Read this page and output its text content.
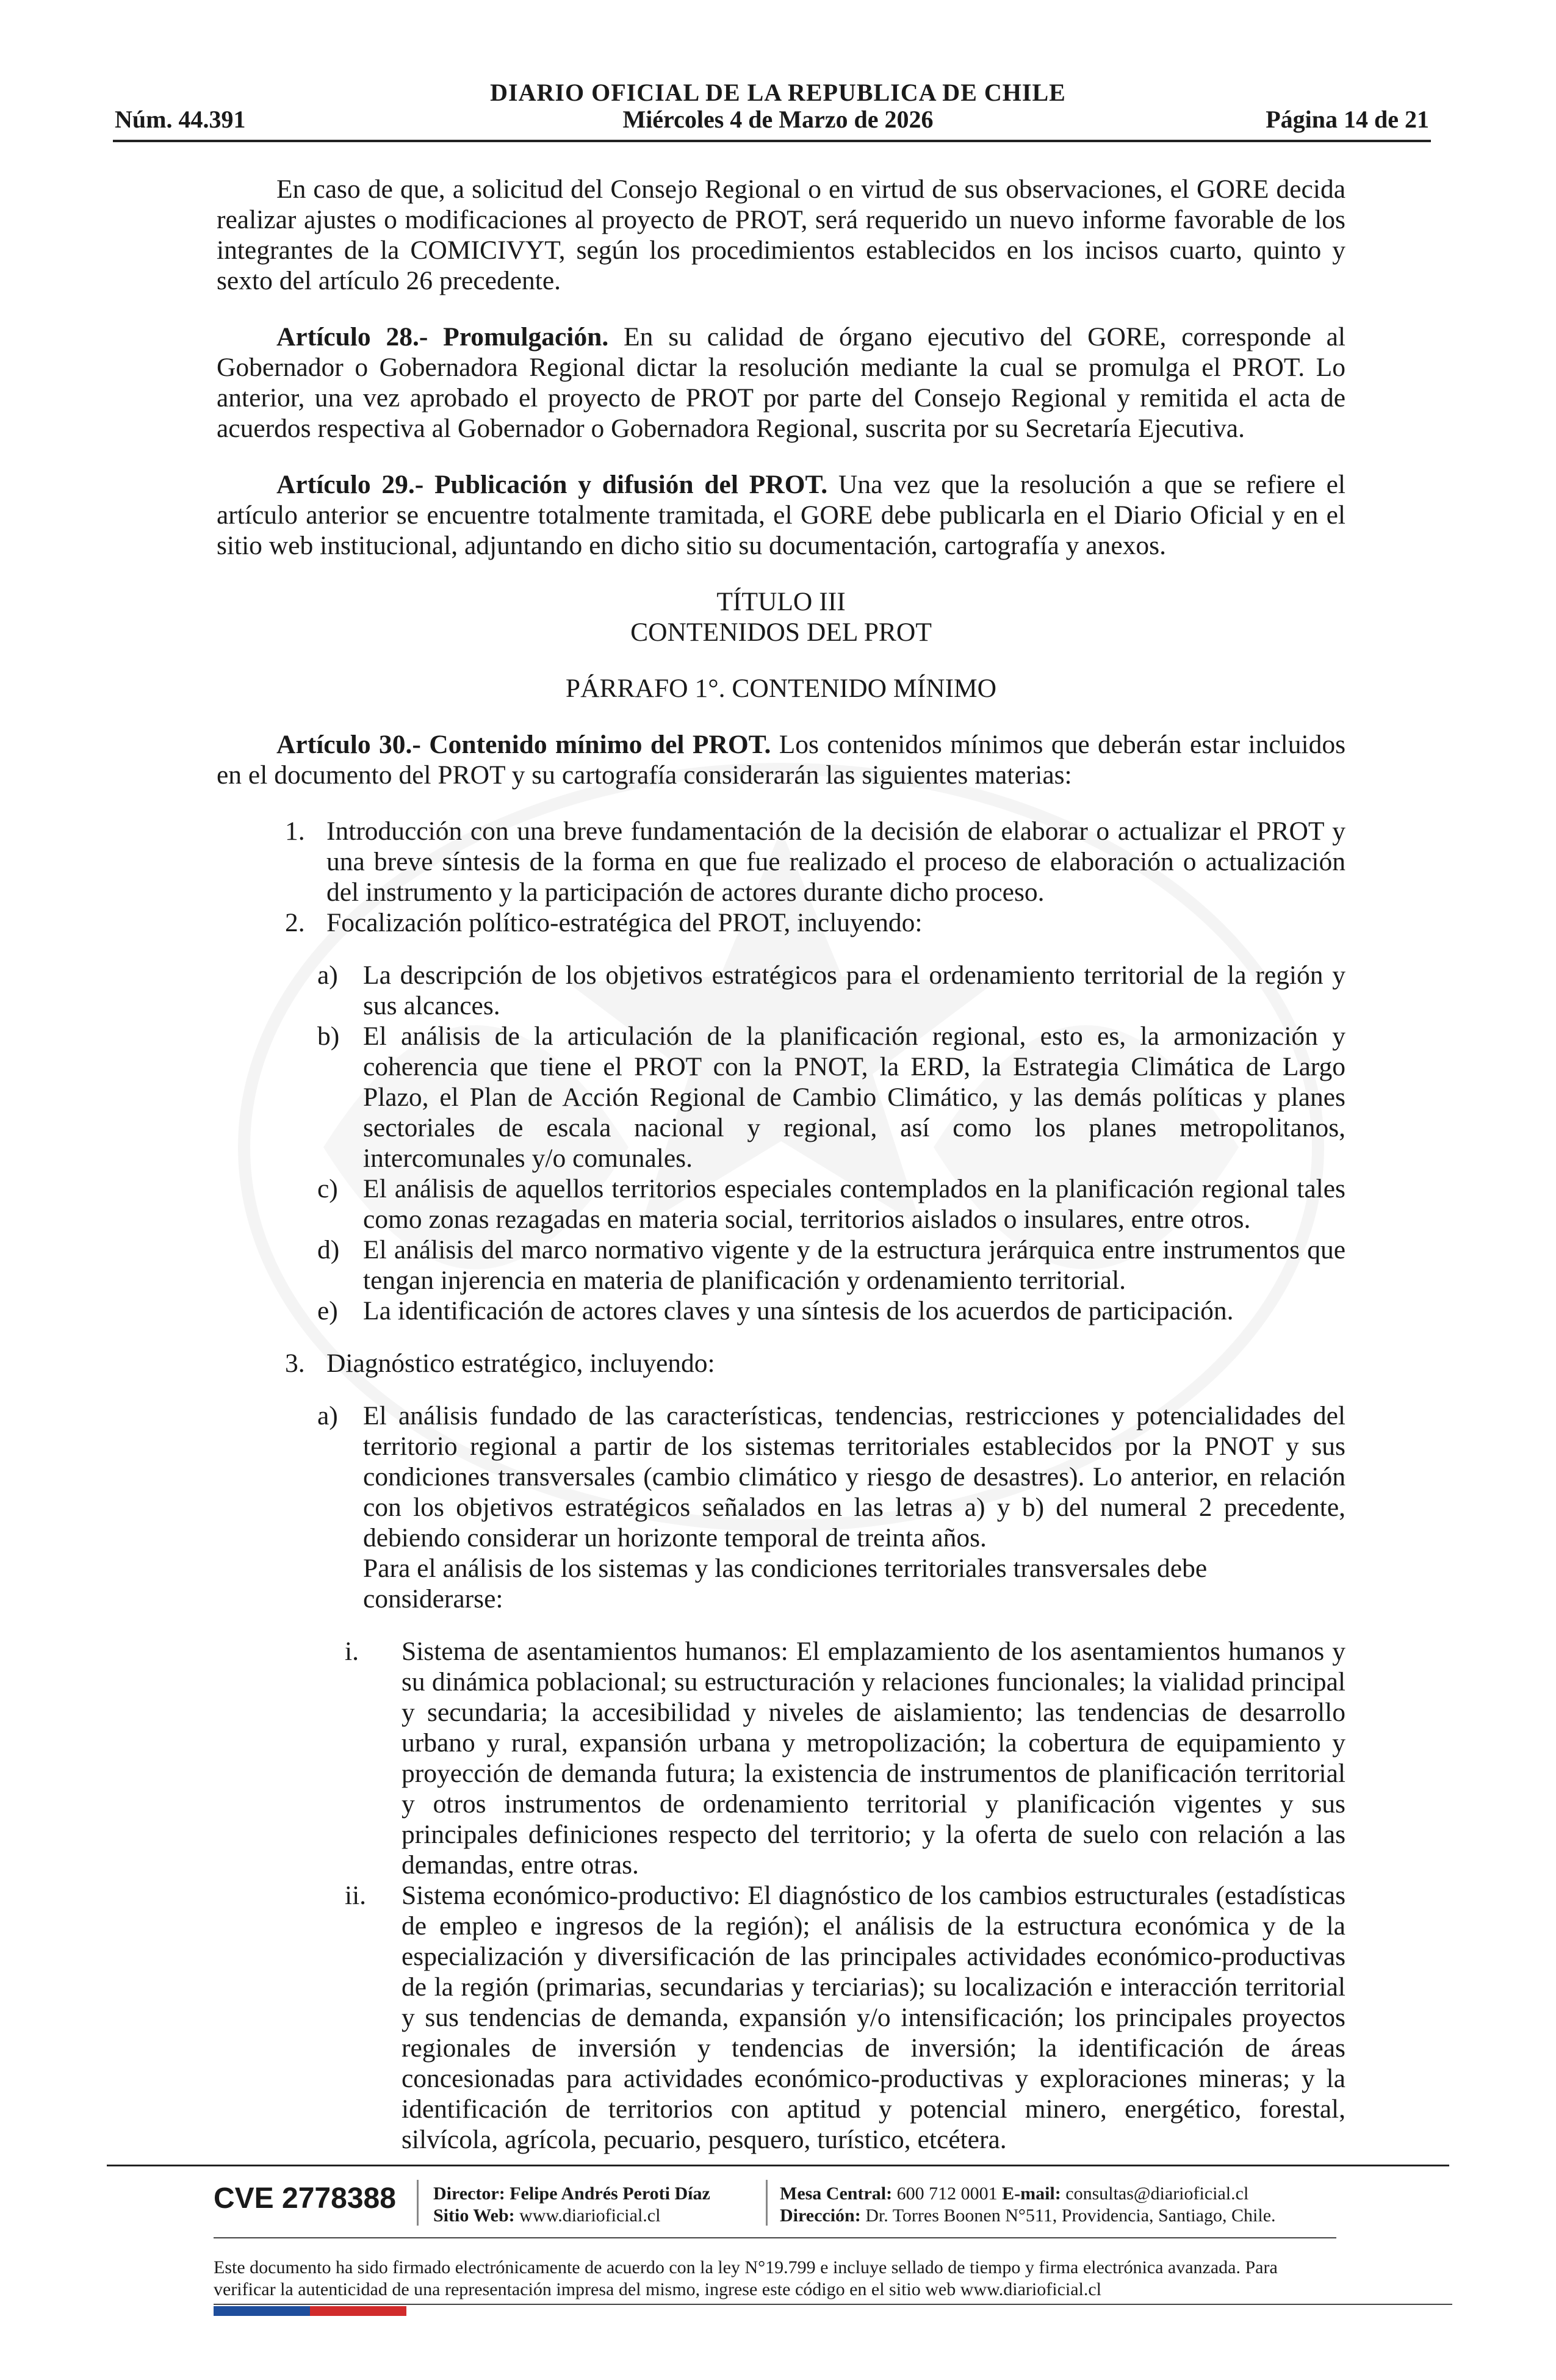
DIARIO OFICIAL DE LA REPUBLICA DE CHILE
Núm. 44.391	Miércoles 4 de Marzo de 2026	Página 14 de 21

En caso de que, a solicitud del Consejo Regional o en virtud de sus observaciones, el GORE decida realizar ajustes o modificaciones al proyecto de PROT, será requerido un nuevo informe favorable de los integrantes de la COMICIVYT, según los procedimientos establecidos en los incisos cuarto, quinto y sexto del artículo 26 precedente.

Artículo 28.- Promulgación. En su calidad de órgano ejecutivo del GORE, corresponde al Gobernador o Gobernadora Regional dictar la resolución mediante la cual se promulga el PROT. Lo anterior, una vez aprobado el proyecto de PROT por parte del Consejo Regional y remitida el acta de acuerdos respectiva al Gobernador o Gobernadora Regional, suscrita por su Secretaría Ejecutiva.

Artículo 29.- Publicación y difusión del PROT. Una vez que la resolución a que se refiere el artículo anterior se encuentre totalmente tramitada, el GORE debe publicarla en el Diario Oficial y en el sitio web institucional, adjuntando en dicho sitio su documentación, cartografía y anexos.

TÍTULO III

CONTENIDOS DEL PROT

PÁRRAFO 1°. CONTENIDO MÍNIMO

Artículo 30.- Contenido mínimo del PROT. Los contenidos mínimos que deberán estar incluidos en el documento del PROT y su cartografía considerarán las siguientes materias:

1. Introducción con una breve fundamentación de la decisión de elaborar o actualizar el PROT y una breve síntesis de la forma en que fue realizado el proceso de elaboración o actualización del instrumento y la participación de actores durante dicho proceso.
2. Focalización político-estratégica del PROT, incluyendo:
a) La descripción de los objetivos estratégicos para el ordenamiento territorial de la región y sus alcances.
b) El análisis de la articulación de la planificación regional, esto es, la armonización y coherencia que tiene el PROT con la PNOT, la ERD, la Estrategia Climática de Largo Plazo, el Plan de Acción Regional de Cambio Climático, y las demás políticas y planes sectoriales de escala nacional y regional, así como los planes metropolitanos, intercomunales y/o comunales.
c) El análisis de aquellos territorios especiales contemplados en la planificación regional tales como zonas rezagadas en materia social, territorios aislados o insulares, entre otros.
d) El análisis del marco normativo vigente y de la estructura jerárquica entre instrumentos que tengan injerencia en materia de planificación y ordenamiento territorial.
e) La identificación de actores claves y una síntesis de los acuerdos de participación.
3. Diagnóstico estratégico, incluyendo:
a) El análisis fundado de las características, tendencias, restricciones y potencialidades del territorio regional a partir de los sistemas territoriales establecidos por la PNOT y sus condiciones transversales (cambio climático y riesgo de desastres). Lo anterior, en relación con los objetivos estratégicos señalados en las letras a) y b) del numeral 2 precedente, debiendo considerar un horizonte temporal de treinta años.

Para el análisis de los sistemas y las condiciones territoriales transversales debe considerarse:

i. Sistema de asentamientos humanos: El emplazamiento de los asentamientos humanos y su dinámica poblacional; su estructuración y relaciones funcionales; la vialidad principal y secundaria; la accesibilidad y niveles de aislamiento; las tendencias de desarrollo urbano y rural, expansión urbana y metropolización; la cobertura de equipamiento y proyección de demanda futura; la existencia de instrumentos de planificación territorial y otros instrumentos de ordenamiento territorial y planificación vigentes y sus principales definiciones respecto del territorio; y la oferta de suelo con relación a las demandas, entre otras.
ii. Sistema económico-productivo: El diagnóstico de los cambios estructurales (estadísticas de empleo e ingresos de la región); el análisis de la estructura económica y de la especialización y diversificación de las principales actividades económico-productivas de la región (primarias, secundarias y terciarias); su localización e interacción territorial y sus tendencias de demanda, expansión y/o intensificación; los principales proyectos regionales de inversión y tendencias de inversión; la identificación de áreas concesionadas para actividades económico-productivas y exploraciones mineras; y la identificación de territorios con aptitud y potencial minero, energético, forestal, silvícola, agrícola, pecuario, pesquero, turístico, etcétera.
CVE 2778388 Director: Felipe Andrés Peroti Díaz
Sitio Web: www.diarioficial.cl
Mesa Central: 600 712 0001 E-mail: consultas@diarioficial.cl
Dirección: Dr. Torres Boonen N°511, Providencia, Santiago, Chile.
Este documento ha sido firmado electrónicamente de acuerdo con la ley N°19.799 e incluye sellado de tiempo y firma electrónica avanzada. Para verificar la autenticidad de una representación impresa del mismo, ingrese este código en el sitio web www.diarioficial.cl
